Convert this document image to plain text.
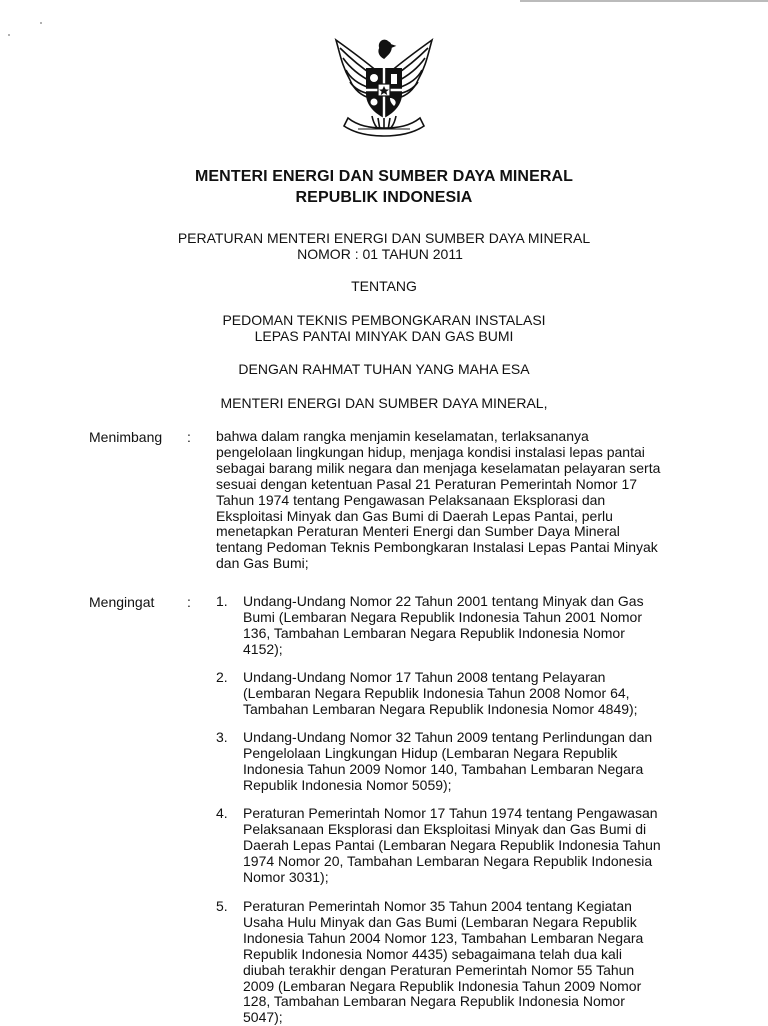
MENTERI ENERGI DAN SUMBER DAYA MINERAL
REPUBLIK INDONESIA
PERATURAN MENTERI ENERGI DAN SUMBER DAYA MINERAL
NOMOR : 01 TAHUN 2011
TENTANG
PEDOMAN TEKNIS PEMBONGKARAN INSTALASI
LEPAS PANTAI MINYAK DAN GAS BUMI
DENGAN RAHMAT TUHAN YANG MAHA ESA
MENTERI ENERGI DAN SUMBER DAYA MINERAL,
Menimbang : bahwa dalam rangka menjamin keselamatan, terlaksananya
pengelolaan lingkungan hidup, menjaga kondisi instalasi lepas pantai
sebagai barang milik negara dan menjaga keselamatan pelayaran serta
sesuai dengan ketentuan Pasal 21 Peraturan Pemerintah Nomor 17
Tahun 1974 tentang Pengawasan Pelaksanaan Eksplorasi dan
Eksploitasi Minyak dan Gas Bumi di Daerah Lepas Pantai, perlu
menetapkan Peraturan Menteri Energi dan Sumber Daya Mineral
tentang Pedoman Teknis Pembongkaran Instalasi Lepas Pantai Minyak
dan Gas Bumi;
Mengingat : 1. Undang-Undang Nomor 22 Tahun 2001 tentang Minyak dan Gas
Bumi (Lembaran Negara Republik Indonesia Tahun 2001 Nomor
136, Tambahan Lembaran Negara Republik Indonesia Nomor
4152);
2. Undang-Undang Nomor 17 Tahun 2008 tentang Pelayaran
(Lembaran Negara Republik Indonesia Tahun 2008 Nomor 64,
Tambahan Lembaran Negara Republik Indonesia Nomor 4849);
3. Undang-Undang Nomor 32 Tahun 2009 tentang Perlindungan dan
Pengelolaan Lingkungan Hidup (Lembaran Negara Republik
Indonesia Tahun 2009 Nomor 140, Tambahan Lembaran Negara
Republik Indonesia Nomor 5059);
4. Peraturan Pemerintah Nomor 17 Tahun 1974 tentang Pengawasan
Pelaksanaan Eksplorasi dan Eksploitasi Minyak dan Gas Bumi di
Daerah Lepas Pantai (Lembaran Negara Republik Indonesia Tahun
1974 Nomor 20, Tambahan Lembaran Negara Republik Indonesia
Nomor 3031);
5. Peraturan Pemerintah Nomor 35 Tahun 2004 tentang Kegiatan
Usaha Hulu Minyak dan Gas Bumi (Lembaran Negara Republik
Indonesia Tahun 2004 Nomor 123, Tambahan Lembaran Negara
Republik Indonesia Nomor 4435) sebagaimana telah dua kali
diubah terakhir dengan Peraturan Pemerintah Nomor 55 Tahun
2009 (Lembaran Negara Republik Indonesia Tahun 2009 Nomor
128, Tambahan Lembaran Negara Republik Indonesia Nomor
5047);
